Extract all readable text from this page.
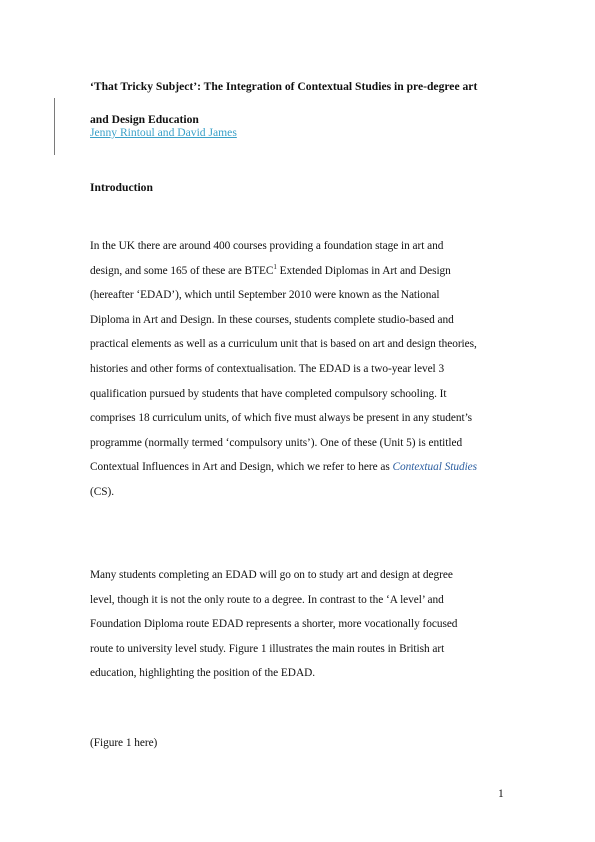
‘That Tricky Subject’: The Integration of Contextual Studies in pre-degree art
and Design Education

Jenny Rintoul and David James
Introduction

In the UK there are around 400 courses providing a foundation stage in art and
design, and some 165 of these are BTEC$^1$ Extended Diplomas in Art and Design
(hereafter ‘EDAD’), which until September 2010 were known as the National
Diploma in Art and Design. In these courses, students complete studio-based and
practical elements as well as a curriculum unit that is based on art and design theories,
histories and other forms of contextualisation. The EDAD is a two-year level 3
qualification pursued by students that have completed compulsory schooling. It
comprises 18 curriculum units, of which five must always be present in any student’s
programme (normally termed ‘compulsory units’). One of these (Unit 5) is entitled
Contextual Influences in Art and Design, which we refer to here as Contextual Studies
(CS).

Many students completing an EDAD will go on to study art and design at degree
level, though it is not the only route to a degree. In contrast to the ‘A level’ and
Foundation Diploma route EDAD represents a shorter, more vocationally focused
route to university level study. Figure 1 illustrates the main routes in British art
education, highlighting the position of the EDAD.

(Figure 1 here)

1
